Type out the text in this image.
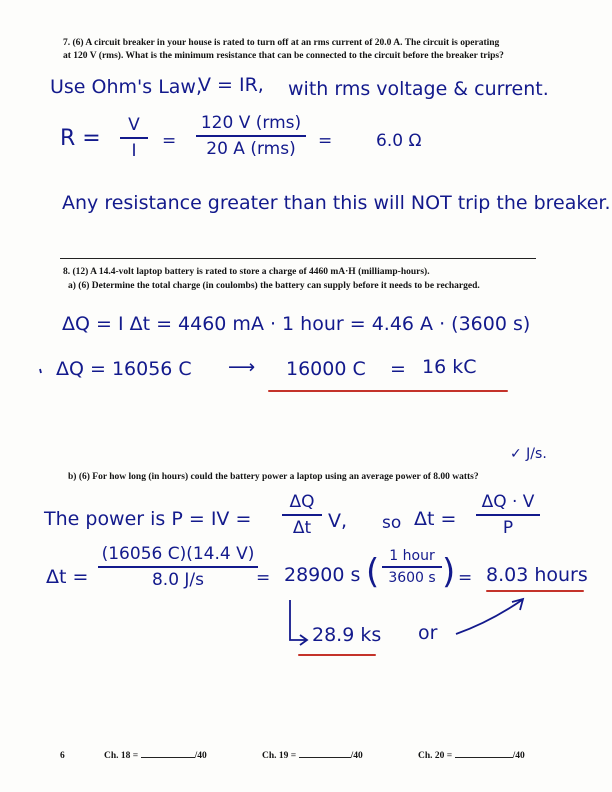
7. (6) A circuit breaker in your house is rated to turn off at an rms current of 20.0 A. The circuit is operating
at 120 V (rms). What is the minimum resistance that can be connected to the circuit before the breaker trips?
Use Ohm's Law,
V = IR, with rms voltage & current.
R =
V
I =
120 V (rms)
20 A (rms) =	6.0 Ω
Any resistance greater than this will NOT trip the breaker.
8. (12) A 14.4-volt laptop battery is rated to store a charge of 4460 mA·H (milliamp-hours).
a) (6) Determine the total charge (in coulombs) the battery can supply before it needs to be recharged.
ΔQ = I Δt = 4460 mA · 1 hour = 4.46 A · (3600 s)
ΔQ = 16056 C ⟶ 16000 C = 16 kC
✓ J/s.
b) (6) For how long (in hours) could the battery power a laptop using an average power of 8.00 watts?
The power is P = IV =
ΔQ
Δt V, so Δt =
ΔQ · V
P
Δt =
(16056 C)(14.4 V)
8.0 J/s	= 28900 s ( 1 hour
3600 s ) = 8.03 hours
28.9 ks or
6	Ch. 18 =	/40	Ch. 19 =	/40	Ch. 20 =	/40
